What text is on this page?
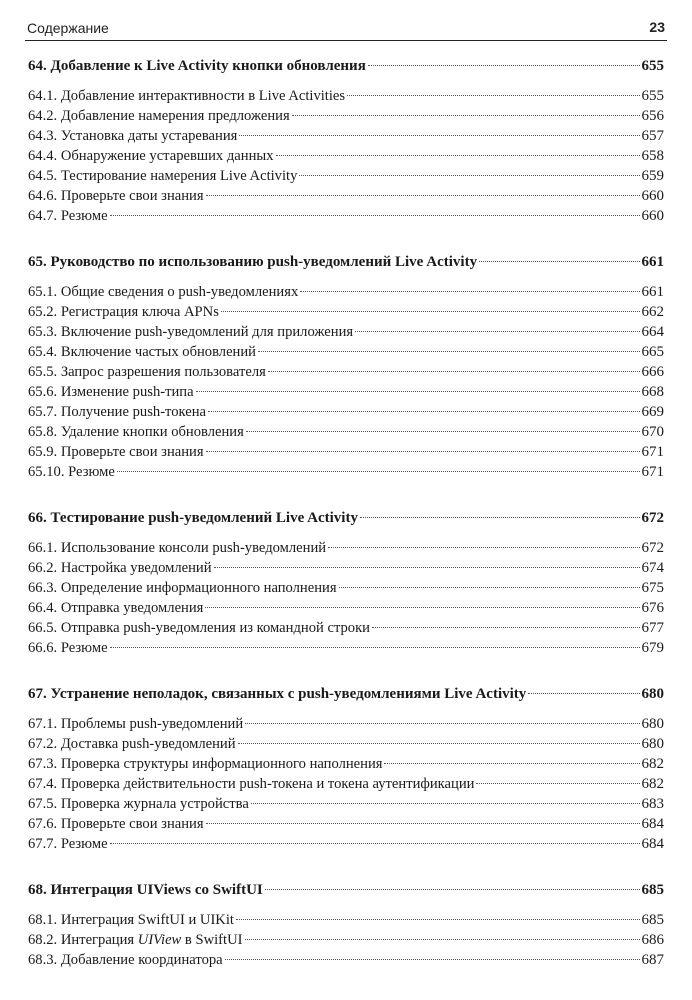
Содержание	23
64. Добавление к Live Activity кнопки обновления	655
64.1. Добавление интерактивности в Live Activities	655
64.2. Добавление намерения предложения	656
64.3. Установка даты устаревания	657
64.4. Обнаружение устаревших данных	658
64.5. Тестирование намерения Live Activity	659
64.6. Проверьте свои знания	660
64.7. Резюме	660
65. Руководство по использованию push-уведомлений Live Activity	661
65.1. Общие сведения о push-уведомлениях	661
65.2. Регистрация ключа APNs	662
65.3. Включение push-уведомлений для приложения	664
65.4. Включение частых обновлений	665
65.5. Запрос разрешения пользователя	666
65.6. Изменение push-типа	668
65.7. Получение push-токена	669
65.8. Удаление кнопки обновления	670
65.9. Проверьте свои знания	671
65.10. Резюме	671
66. Тестирование push-уведомлений Live Activity	672
66.1. Использование консоли push-уведомлений	672
66.2. Настройка уведомлений	674
66.3. Определение информационного наполнения	675
66.4. Отправка уведомления	676
66.5. Отправка push-уведомления из командной строки	677
66.6. Резюме	679
67. Устранение неполадок, связанных с push-уведомлениями Live Activity	680
67.1. Проблемы push-уведомлений	680
67.2. Доставка push-уведомлений	680
67.3. Проверка структуры информационного наполнения	682
67.4. Проверка действительности push-токена и токена аутентификации	682
67.5. Проверка журнала устройства	683
67.6. Проверьте свои знания	684
67.7. Резюме	684
68. Интеграция UIViews со SwiftUI	685
68.1. Интеграция SwiftUI и UIKit	685
68.2. Интеграция UIView в SwiftUI	686
68.3. Добавление координатора	687
